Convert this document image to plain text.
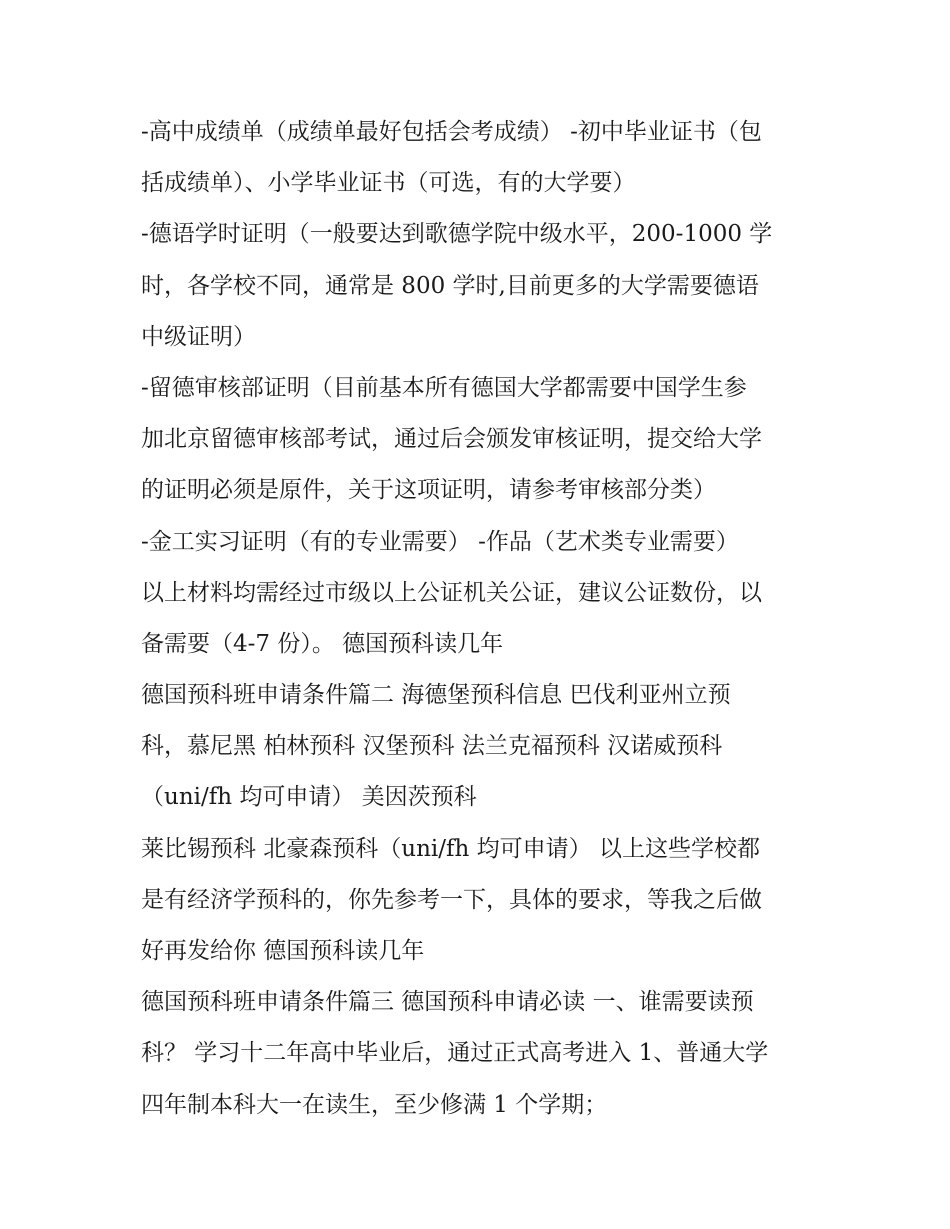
-高中成绩单（成绩单最好包括会考成绩） -初中毕业证书（包
括成绩单）、小学毕业证书（可选，有的大学要）
-德语学时证明（一般要达到歌德学院中级水平，200-1000 学
时，各学校不同，通常是 800 学时,目前更多的大学需要德语
中级证明）
-留德审核部证明（目前基本所有德国大学都需要中国学生参
加北京留德审核部考试，通过后会颁发审核证明，提交给大学
的证明必须是原件，关于这项证明，请参考审核部分类）
-金工实习证明（有的专业需要） -作品（艺术类专业需要）
以上材料均需经过市级以上公证机关公证，建议公证数份，以
备需要（4-7 份）。 德国预科读几年
德国预科班申请条件篇二 海德堡预科信息 巴伐利亚州立预
科，慕尼黑 柏林预科 汉堡预科 法兰克福预科 汉诺威预科
（uni/fh 均可申请） 美因茨预科
莱比锡预科 北豪森预科（uni/fh 均可申请） 以上这些学校都
是有经济学预科的，你先参考一下，具体的要求，等我之后做
好再发给你 德国预科读几年
德国预科班申请条件篇三 德国预科申请必读 一、谁需要读预
科？ 学习十二年高中毕业后，通过正式高考进入 1、普通大学
四年制本科大一在读生，至少修满 1 个学期；
